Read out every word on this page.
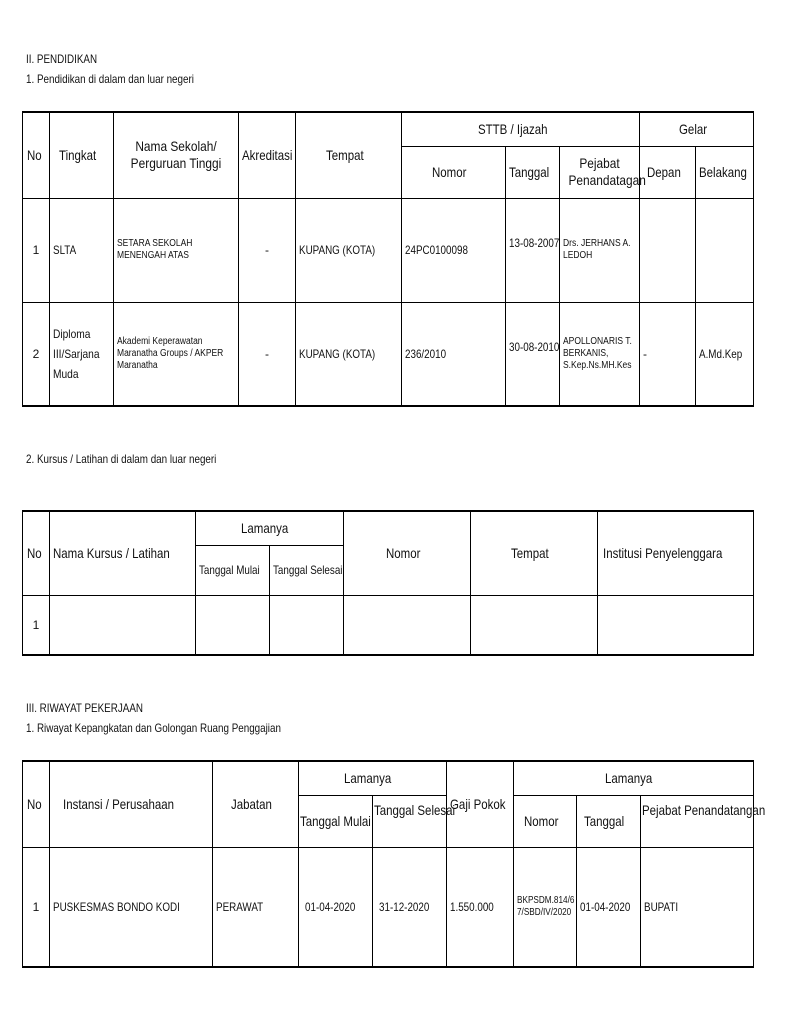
II. PENDIDIKAN
1. Pendidikan di dalam dan luar negeri
No	Tingkat	Nama Sekolah/ Perguruan Tinggi	Akreditasi	Tempat	STTB / Ijazah			Gelar	
					Nomor	Tanggal	Pejabat Penandatagan	Depan	Belakang
1	SLTA	SETARA SEKOLAH MENENGAH ATAS	-	KUPANG (KOTA)	24PC0100098	13-08-2007	Drs. JERHANS A. LEDOH		

2	Diploma III/Sarjana Muda	Akademi Keperawatan Maranatha Groups / AKPER Maranatha	-	KUPANG (KOTA)	236/2010	30-08-2010	APOLLONARIS T. BERKANIS, S.Kep.Ns.MH.Kes	-	A.Md.Kep
2. Kursus / Latihan di dalam dan luar negeri
No	Nama Kursus / Latihan	Lamanya		Nomor	Tempat	Institusi Penyelenggara
		Tanggal Mulai	Tanggal Selesai			
1						
III. RIWAYAT PEKERJAAN
1. Riwayat Kepangkatan dan Golongan Ruang Penggajian
No	Instansi / Perusahaan	Jabatan	Lamanya		Gaji Pokok	Lamanya		
			Tanggal Mulai	Tanggal Selesai		Nomor	Tanggal	Pejabat Penandatangan
1	PUSKESMAS BONDO KODI	PERAWAT	01-04-2020	31-12-2020	1.550.000	BKPSDM.814/6 7/SBD/IV/2020	01-04-2020	BUPATI
